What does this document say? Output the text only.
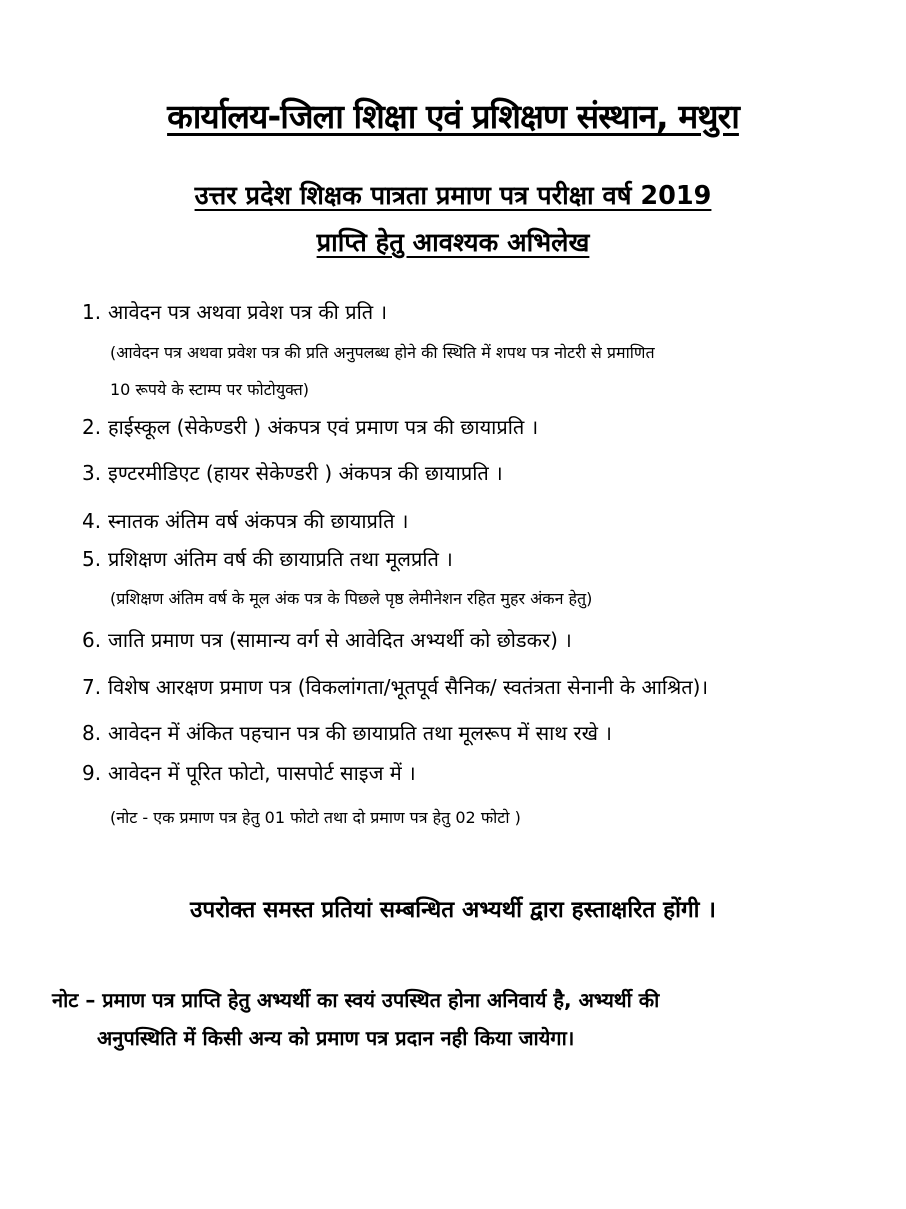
कार्यालय-जिला शिक्षा एवं प्रशिक्षण संस्थान, मथुरा
उत्तर प्रदेश शिक्षक पात्रता प्रमाण पत्र परीक्षा वर्ष 2019
प्राप्ति हेतु आवश्यक अभिलेख
1. आवेदन पत्र अथवा प्रवेश पत्र की प्रति ।
(आवेदन पत्र अथवा प्रवेश पत्र की प्रति अनुपलब्ध होने की स्थिति में शपथ पत्र नोटरी से प्रमाणित
10 रूपये के स्टाम्प पर फोटोयुक्त)
2. हाईस्कूल (सेकेण्डरी ) अंकपत्र एवं प्रमाण पत्र की छायाप्रति ।
3. इण्टरमीडिएट (हायर सेकेण्डरी ) अंकपत्र की छायाप्रति ।
4. स्नातक अंतिम वर्ष अंकपत्र की छायाप्रति ।
5. प्रशिक्षण अंतिम वर्ष की छायाप्रति तथा मूलप्रति ।
(प्रशिक्षण अंतिम वर्ष के मूल अंक पत्र के पिछले पृष्ठ लेमीनेशन रहित मुहर अंकन हेतु)
6. जाति प्रमाण पत्र (सामान्य वर्ग से आवेदित अभ्यर्थी को छोडकर) ।
7. विशेष आरक्षण प्रमाण पत्र (विकलांगता/भूतपूर्व सैनिक/ स्वतंत्रता सेनानी के आश्रित)।
8. आवेदन में अंकित पहचान पत्र की छायाप्रति तथा मूलरूप में साथ रखे ।
9. आवेदन में पूरित फोटो, पासपोर्ट साइज में ।
(नोट - एक प्रमाण पत्र हेतु 01 फोटो तथा दो प्रमाण पत्र हेतु 02 फोटो )
उपरोक्त समस्त प्रतियां सम्बन्धित अभ्यर्थी द्वारा हस्ताक्षरित होंगी ।
नोट – प्रमाण पत्र प्राप्ति हेतु अभ्यर्थी का स्वयं उपस्थित होना अनिवार्य है, अभ्यर्थी की
अनुपस्थिति में किसी अन्य को प्रमाण पत्र प्रदान नही किया जायेगा।
